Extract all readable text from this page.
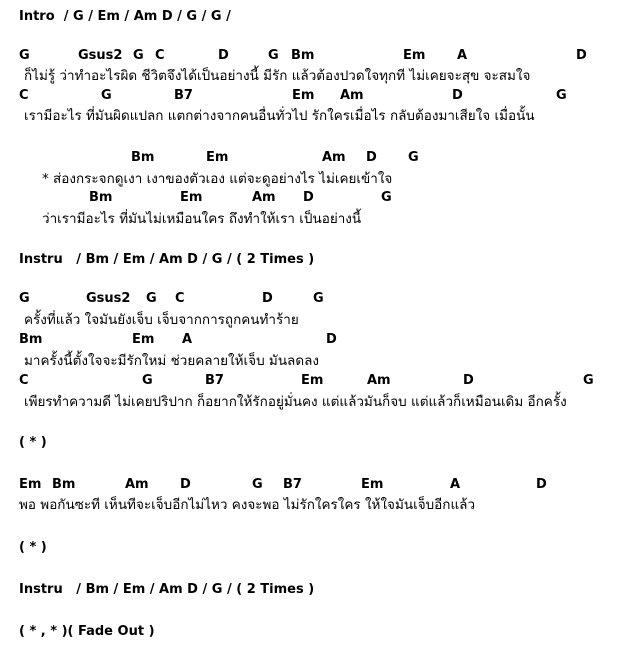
Intro / G / Em / Am D / G / G /
ก็ไม่รู้ ว่าทำอะไรผิด ชีวิตจึงได้เป็นอย่างนี้ มีรัก แล้วต้องปวดใจทุกที ไม่เคยจะสุข จะสมใจ
เรามีอะไร ที่มันผิดแปลก แตกต่างจากคนอื่นทั่วไป รักใครเมื่อไร กลับต้องมาเสียใจ เมื่อนั้น
* ส่องกระจกดูเงา เงาของตัวเอง แต่จะดูอย่างไร ไม่เคยเข้าใจ
ว่าเรามีอะไร ที่มันไม่เหมือนใคร ถึงทำให้เรา เป็นอย่างนี้
Instru / Bm / Em / Am D / G / ( 2 Times )
ครั้งที่แล้ว ใจมันยังเจ็บ เจ็บจากการถูกคนทำร้าย
มาครั้งนี้ตั้งใจจะมีรักใหม่ ช่วยคลายให้เจ็บ มันลดลง
เพียรทำความดี ไม่เคยปริปาก ก็อยากให้รักอยู่มั่นคง แต่แล้วมันก็จบ แต่แล้วก็เหมือนเดิม อีกครั้ง
( * )
พอ พอกันซะที เห็นทีจะเจ็บอีกไม่ไหว คงจะพอ ไม่รักใครใคร ให้ใจมันเจ็บอีกแล้ว
( * )
Instru / Bm / Em / Am D / G / ( 2 Times )
( * , * )( Fade Out )
G	Gsus2 G C	D	G Bm	Em A	D
C	G	B7	Em Am	D	G
Bm	Em	Am D G
Bm	Em	Am D	G
G	Gsus2 G C	D	G
Bm	Em A	D
C	G	B7	Em	Am	D	G
Em Bm	Am D	G B7	Em	A	D
